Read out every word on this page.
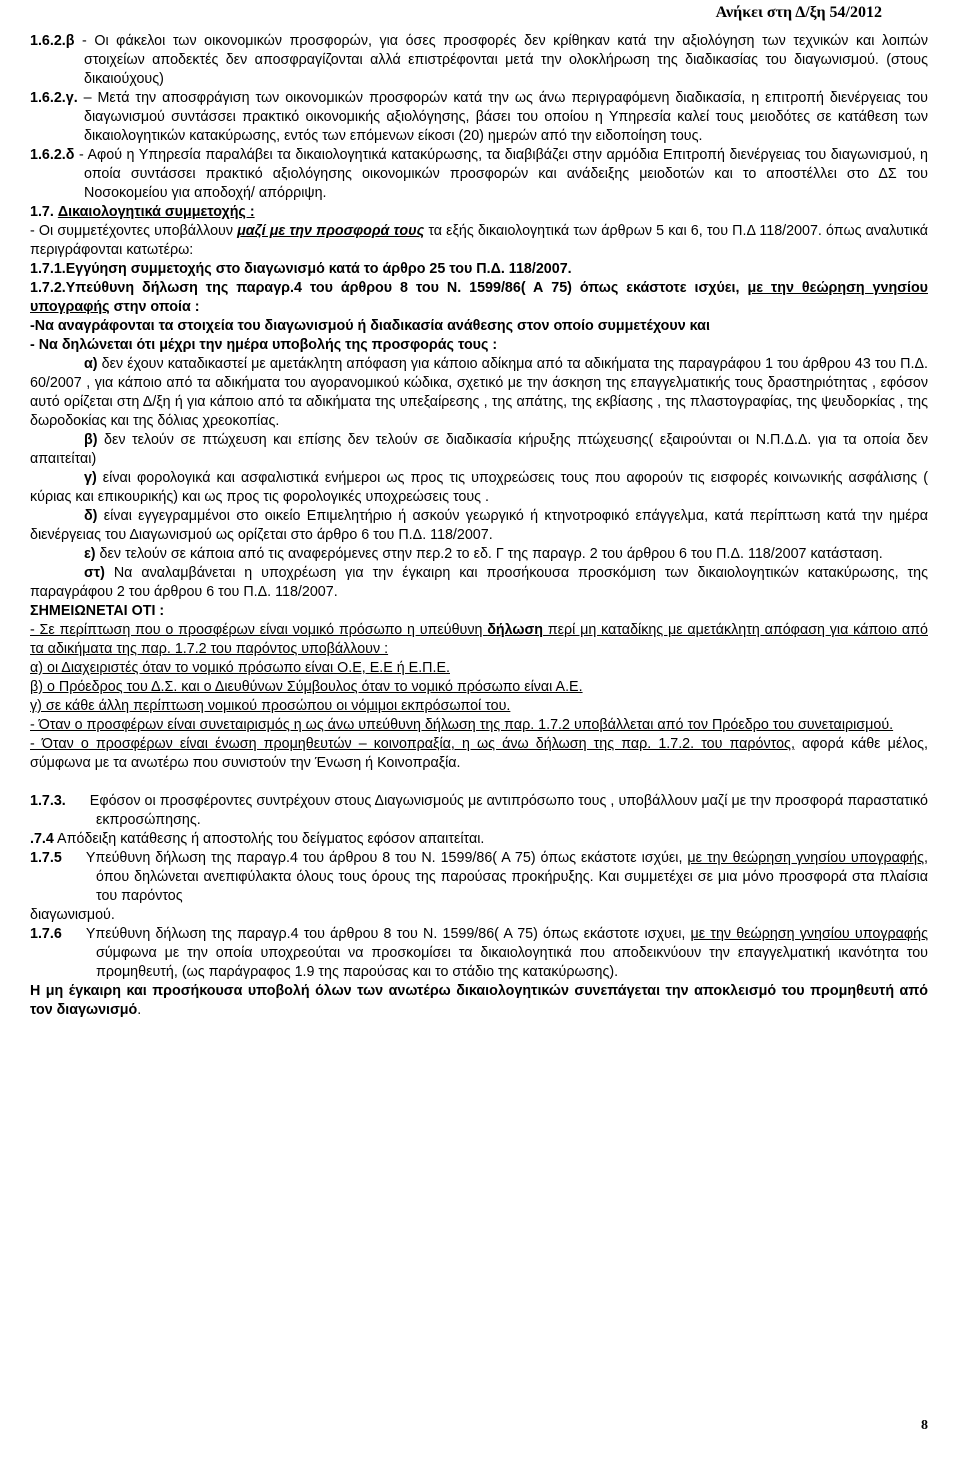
Ανήκει στη Δ/ξη 54/2012

1.6.2.β - Οι φάκελοι των οικονομικών προσφορών, για όσες προσφορές δεν κρίθηκαν κατά την αξιολόγηση των τεχνικών και λοιπών στοιχείων αποδεκτές δεν αποσφραγίζονται αλλά επιστρέφονται μετά την ολοκλήρωση της διαδικασίας του διαγωνισμού. (στους δικαιούχους)

1.6.2.γ. – Μετά την αποσφράγιση των οικονομικών προσφορών κατά την ως άνω περιγραφόμενη διαδικασία, η επιτροπή διενέργειας του διαγωνισμού συντάσσει πρακτικό οικονομικής αξιολόγησης, βάσει του οποίου η Υπηρεσία καλεί τους μειοδότες σε κατάθεση των δικαιολογητικών κατακύρωσης, εντός των επόμενων είκοσι (20) ημερών από την ειδοποίηση τους.

1.6.2.δ - Αφού η Υπηρεσία παραλάβει τα δικαιολογητικά κατακύρωσης, τα διαβιβάζει στην αρμόδια Επιτροπή διενέργειας του διαγωνισμού, η οποία συντάσσει πρακτικό αξιολόγησης οικονομικών προσφορών και ανάδειξης μειοδοτών και το αποστέλλει στο ΔΣ του Νοσοκομείου για αποδοχή/ απόρριψη.

1.7. Δικαιολογητικά συμμετοχής :

- Οι συμμετέχοντες υποβάλλουν μαζί με την προσφορά τους τα εξής δικαιολογητικά των άρθρων 5 και 6, του Π.Δ 118/2007. όπως αναλυτικά περιγράφονται κατωτέρω:

1.7.1.Εγγύηση συμμετοχής στο διαγωνισμό κατά το άρθρο 25 του Π.Δ. 118/2007.

1.7.2.Υπεύθυνη δήλωση της παραγρ.4 του άρθρου 8 του Ν. 1599/86( Α 75) όπως εκάστοτε ισχύει, με την θεώρηση γνησίου υπογραφής στην οποία :

-Να αναγράφονται τα στοιχεία του διαγωνισμού ή διαδικασία ανάθεσης στον οποίο συμμετέχουν και

- Να δηλώνεται ότι μέχρι την ημέρα υποβολής της προσφοράς τους :

α) δεν έχουν καταδικαστεί με αμετάκλητη απόφαση για κάποιο αδίκημα από τα αδικήματα της παραγράφου 1 του άρθρου 43 του Π.Δ. 60/2007 , για κάποιο από τα αδικήματα του αγορανομικού κώδικα, σχετικό με την άσκηση της επαγγελματικής τους δραστηριότητας , εφόσον αυτό ορίζεται στη Δ/ξη ή για κάποιο από τα αδικήματα της υπεξαίρεσης , της απάτης, της εκβίασης , της πλαστογραφίας, της ψευδορκίας , της δωροδοκίας και της δόλιας χρεοκοπίας.

β) δεν τελούν σε πτώχευση και επίσης δεν τελούν σε διαδικασία κήρυξης πτώχευσης( εξαιρούνται οι Ν.Π.Δ.Δ. για τα οποία δεν απαιτείται)

γ) είναι φορολογικά και ασφαλιστικά ενήμεροι ως προς τις υποχρεώσεις τους που αφορούν τις εισφορές κοινωνικής ασφάλισης ( κύριας και επικουρικής) και ως προς τις φορολογικές υποχρεώσεις τους .

δ) είναι εγγεγραμμένοι στο οικείο Επιμελητήριο ή ασκούν γεωργικό ή κτηνοτροφικό επάγγελμα, κατά περίπτωση κατά την ημέρα διενέργειας του Διαγωνισμού ως ορίζεται στο άρθρο 6 του Π.Δ. 118/2007.

ε) δεν τελούν σε κάποια από τις αναφερόμενες στην περ.2 το εδ. Γ της παραγρ. 2 του άρθρου 6 του Π.Δ. 118/2007 κατάσταση.

στ) Να αναλαμβάνεται η υποχρέωση για την έγκαιρη και προσήκουσα προσκόμιση των δικαιολογητικών κατακύρωσης, της παραγράφου 2 του άρθρου 6 του Π.Δ. 118/2007.

ΣΗΜΕΙΩΝΕΤΑΙ ΟΤΙ :

- Σε περίπτωση που ο προσφέρων είναι νομικό πρόσωπο η υπεύθυνη δήλωση περί μη καταδίκης με αμετάκλητη απόφαση για κάποιο από τα αδικήματα της παρ. 1.7.2 του παρόντος υποβάλλουν :

α) οι Διαχειριστές όταν το νομικό πρόσωπο είναι Ο.Ε, Ε.Ε ή Ε.Π.Ε.

β) ο Πρόεδρος του Δ.Σ. και ο Διευθύνων Σύμβουλος όταν το νομικό πρόσωπο είναι Α.Ε.

γ) σε κάθε άλλη περίπτωση νομικού προσώπου οι νόμιμοι εκπρόσωποί του.

- Όταν ο προσφέρων είναι συνεταιρισμός η ως άνω υπεύθυνη δήλωση της παρ. 1.7.2 υποβάλλεται από τον Πρόεδρο του συνεταιρισμού.

- Όταν ο προσφέρων είναι ένωση προμηθευτών – κοινοπραξία, η ως άνω δήλωση της παρ. 1.7.2. του παρόντος, αφορά κάθε μέλος, σύμφωνα με τα ανωτέρω που συνιστούν την Ένωση ή Κοινοπραξία.

1.7.3. Εφόσον οι προσφέροντες συντρέχουν στους Διαγωνισμούς με αντιπρόσωπο τους , υποβάλλουν μαζί με την προσφορά παραστατικό εκπροσώπησης.

.7.4 Απόδειξη κατάθεσης ή αποστολής του δείγματος εφόσον απαιτείται.

1.7.5 Υπεύθυνη δήλωση της παραγρ.4 του άρθρου 8 του Ν. 1599/86( Α 75) όπως εκάστοτε ισχύει, με την θεώρηση γνησίου υπογραφής, όπου δηλώνεται ανεπιφύλακτα όλους τους όρους της παρούσας προκήρυξης. Και συμμετέχει σε μια μόνο προσφορά στα πλαίσια του παρόντος

διαγωνισμού.

1.7.6 Υπεύθυνη δήλωση της παραγρ.4 του άρθρου 8 του Ν. 1599/86( Α 75) όπως εκάστοτε ισχυει, με την θεώρηση γνησίου υπογραφής σύμφωνα με την οποία υποχρεούται να προσκομίσει τα δικαιολογητικά που αποδεικνύουν την επαγγελματική ικανότητα του προμηθευτή, (ως παράγραφος 1.9 της παρούσας και το στάδιο της κατακύρωσης).

Η μη έγκαιρη και προσήκουσα υποβολή όλων των ανωτέρω δικαιολογητικών συνεπάγεται την αποκλεισμό του προμηθευτή από τον διαγωνισμό.

8
